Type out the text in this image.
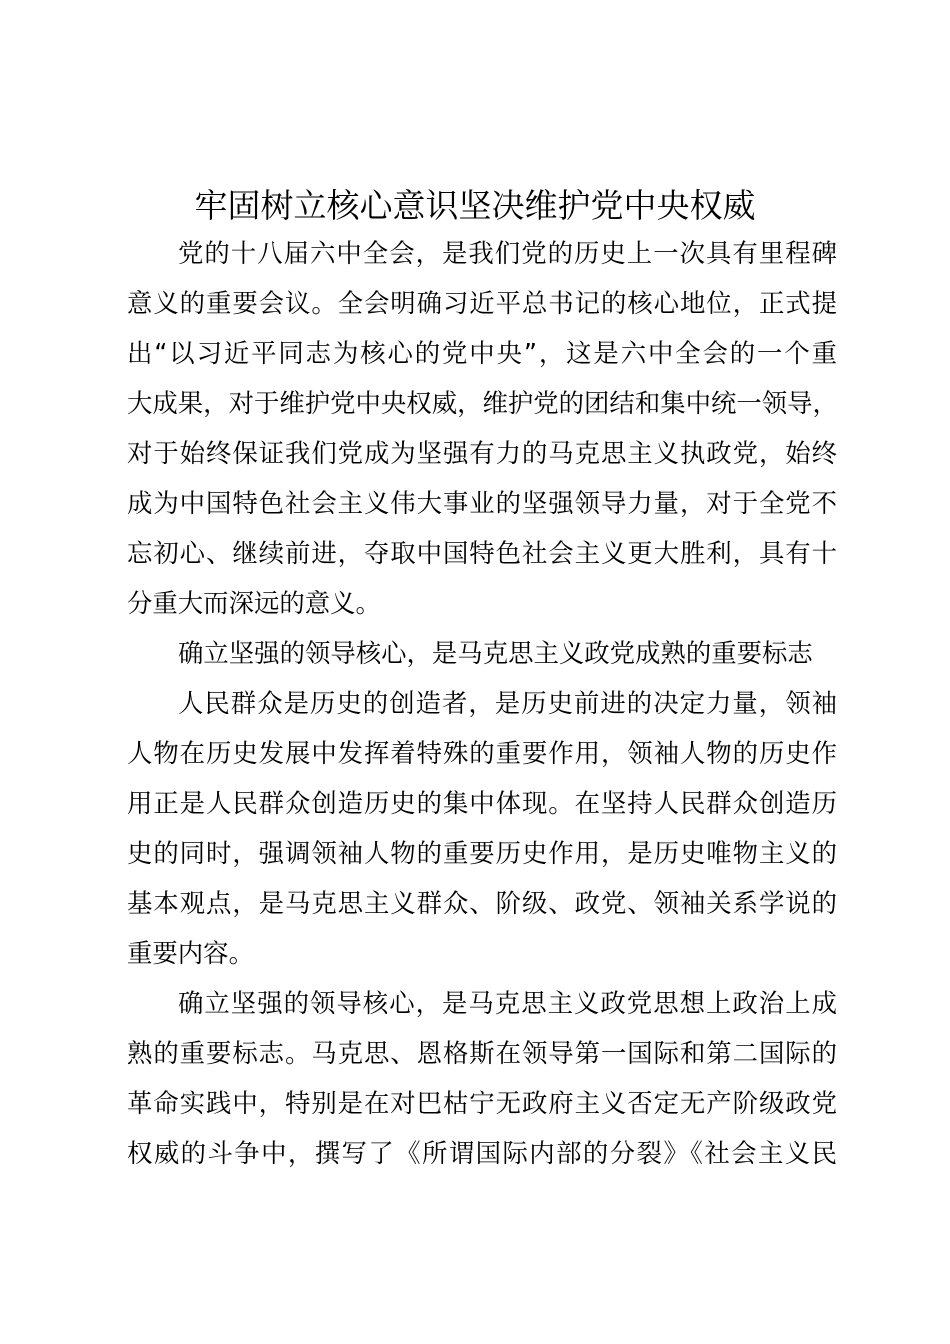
牢固树立核心意识坚决维护党中央权威
党的十八届六中全会，是我们党的历史上一次具有里程碑
意义的重要会议。全会明确习近平总书记的核心地位，正式提
出“以习近平同志为核心的党中央”，这是六中全会的一个重
大成果，对于维护党中央权威，维护党的团结和集中统一领导，
对于始终保证我们党成为坚强有力的马克思主义执政党，始终
成为中国特色社会主义伟大事业的坚强领导力量，对于全党不
忘初心、继续前进，夺取中国特色社会主义更大胜利，具有十
分重大而深远的意义。
确立坚强的领导核心，是马克思主义政党成熟的重要标志
人民群众是历史的创造者，是历史前进的决定力量，领袖
人物在历史发展中发挥着特殊的重要作用，领袖人物的历史作
用正是人民群众创造历史的集中体现。在坚持人民群众创造历
史的同时，强调领袖人物的重要历史作用，是历史唯物主义的
基本观点，是马克思主义群众、阶级、政党、领袖关系学说的
重要内容。
确立坚强的领导核心，是马克思主义政党思想上政治上成
熟的重要标志。马克思、恩格斯在领导第一国际和第二国际的
革命实践中，特别是在对巴枯宁无政府主义否定无产阶级政党
权威的斗争中，撰写了《所谓国际内部的分裂》《社会主义民
